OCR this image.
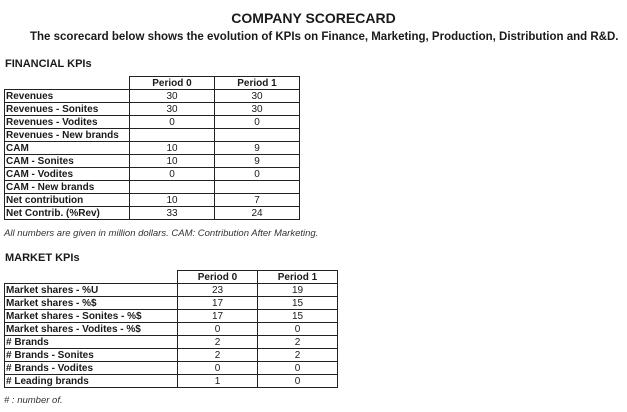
COMPANY SCORECARD
The scorecard below shows the evolution of KPIs on Finance, Marketing, Production, Distribution and R&D.
FINANCIAL KPIs
	Period 0	Period 1
Revenues	30	30
Revenues - Sonites	30	30
Revenues - Vodites	0	0
Revenues - New brands		
CAM	10	9
CAM - Sonites	10	9
CAM - Vodites	0	0
CAM - New brands		
Net contribution	10	7
Net Contrib. (%Rev)	33	24
All numbers are given in million dollars. CAM: Contribution After Marketing.
MARKET KPIs
	Period 0	Period 1
Market shares - %U	23	19
Market shares - %$	17	15
Market shares - Sonites - %$	17	15
Market shares - Vodites - %$	0	0
# Brands	2	2
# Brands - Sonites	2	2
# Brands - Vodites	0	0
# Leading brands	1	0
# : number of.
